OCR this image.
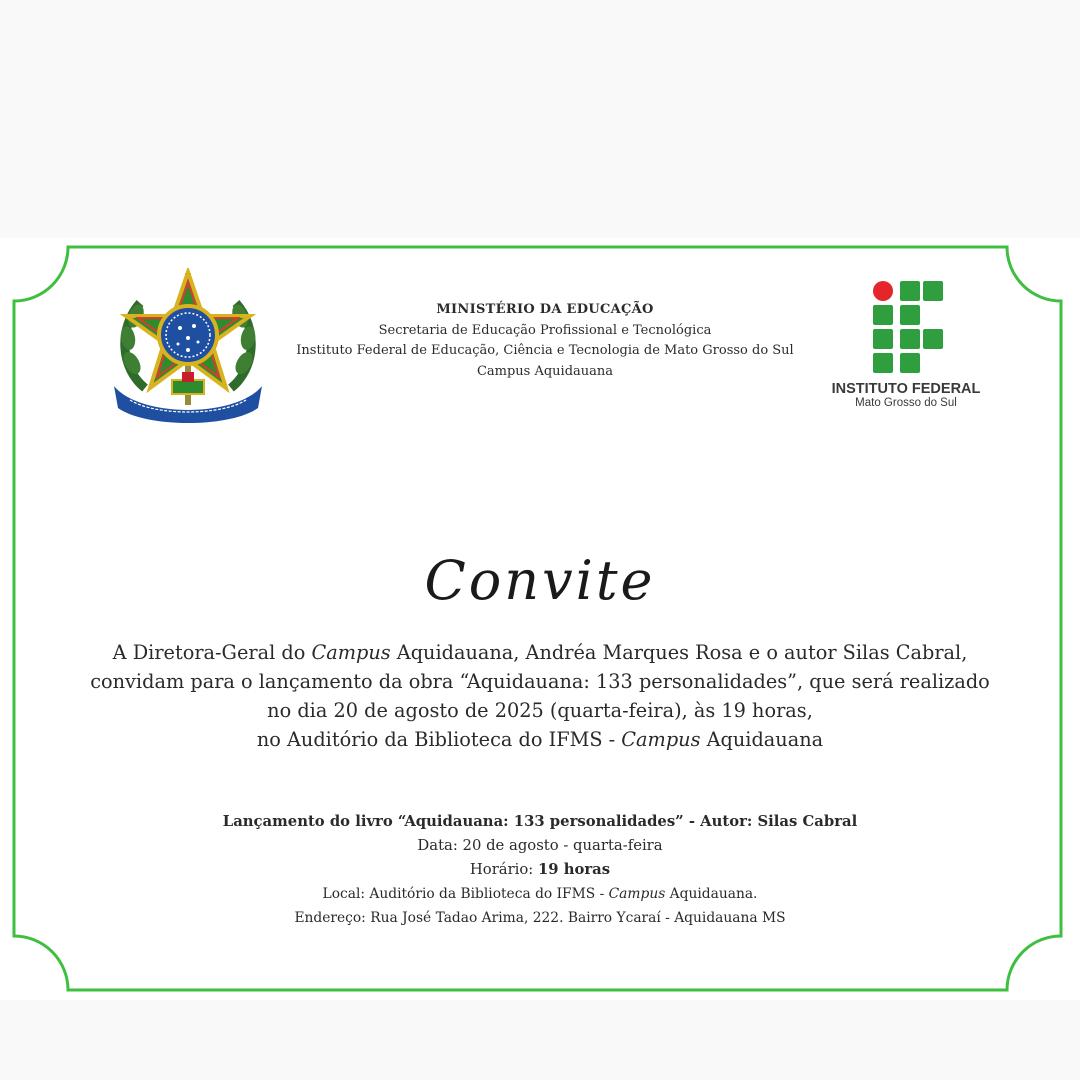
MINISTÉRIO DA EDUCAÇÃO
Secretaria de Educação Profissional e Tecnológica
Instituto Federal de Educação, Ciência e Tecnologia de Mato Grosso do Sul
Campus Aquidauana
INSTITUTO FEDERAL
Mato Grosso do Sul
Convite

A Diretora-Geral do Campus Aquidauana, Andréa Marques Rosa e o autor Silas Cabral,

convidam para o lançamento da obra “Aquidauana: 133 personalidades”, que será realizado

no dia 20 de agosto de 2025 (quarta-feira), às 19 horas,

no Auditório da Biblioteca do IFMS - Campus Aquidauana

Lançamento do livro “Aquidauana: 133 personalidades” - Autor: Silas Cabral

Data: 20 de agosto - quarta-feira

Horário: 19 horas

Local: Auditório da Biblioteca do IFMS - Campus Aquidauana.

Endereço: Rua José Tadao Arima, 222. Bairro Ycaraí - Aquidauana MS
